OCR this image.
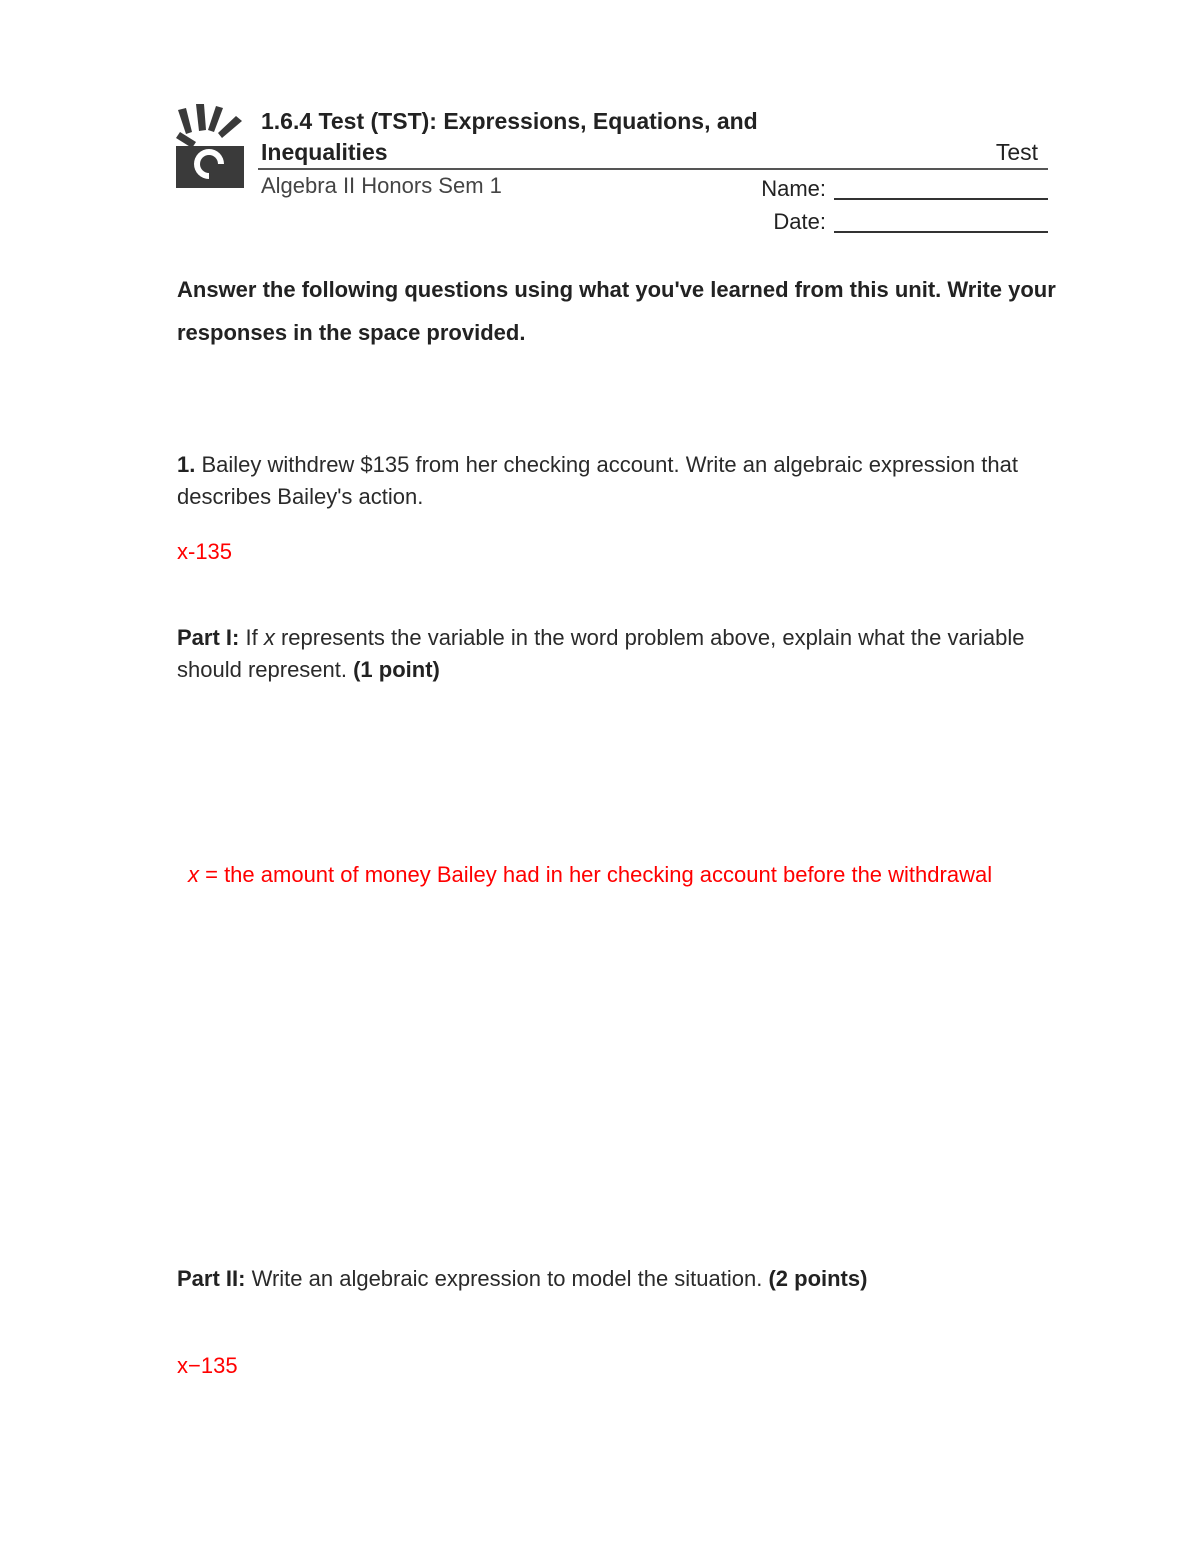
1.6.4 Test (TST): Expressions, Equations, and Inequalities	Test
Algebra II Honors Sem 1	Name:
Date:
Answer the following questions using what you've learned from this unit. Write your responses in the space provided.
1. Bailey withdrew $135 from her checking account. Write an algebraic expression that describes Bailey's action.
x-135
Part I: If x represents the variable in the word problem above, explain what the variable should represent. (1 point)
x = the amount of money Bailey had in her checking account before the withdrawal
Part II: Write an algebraic expression to model the situation. (2 points)
x−135
